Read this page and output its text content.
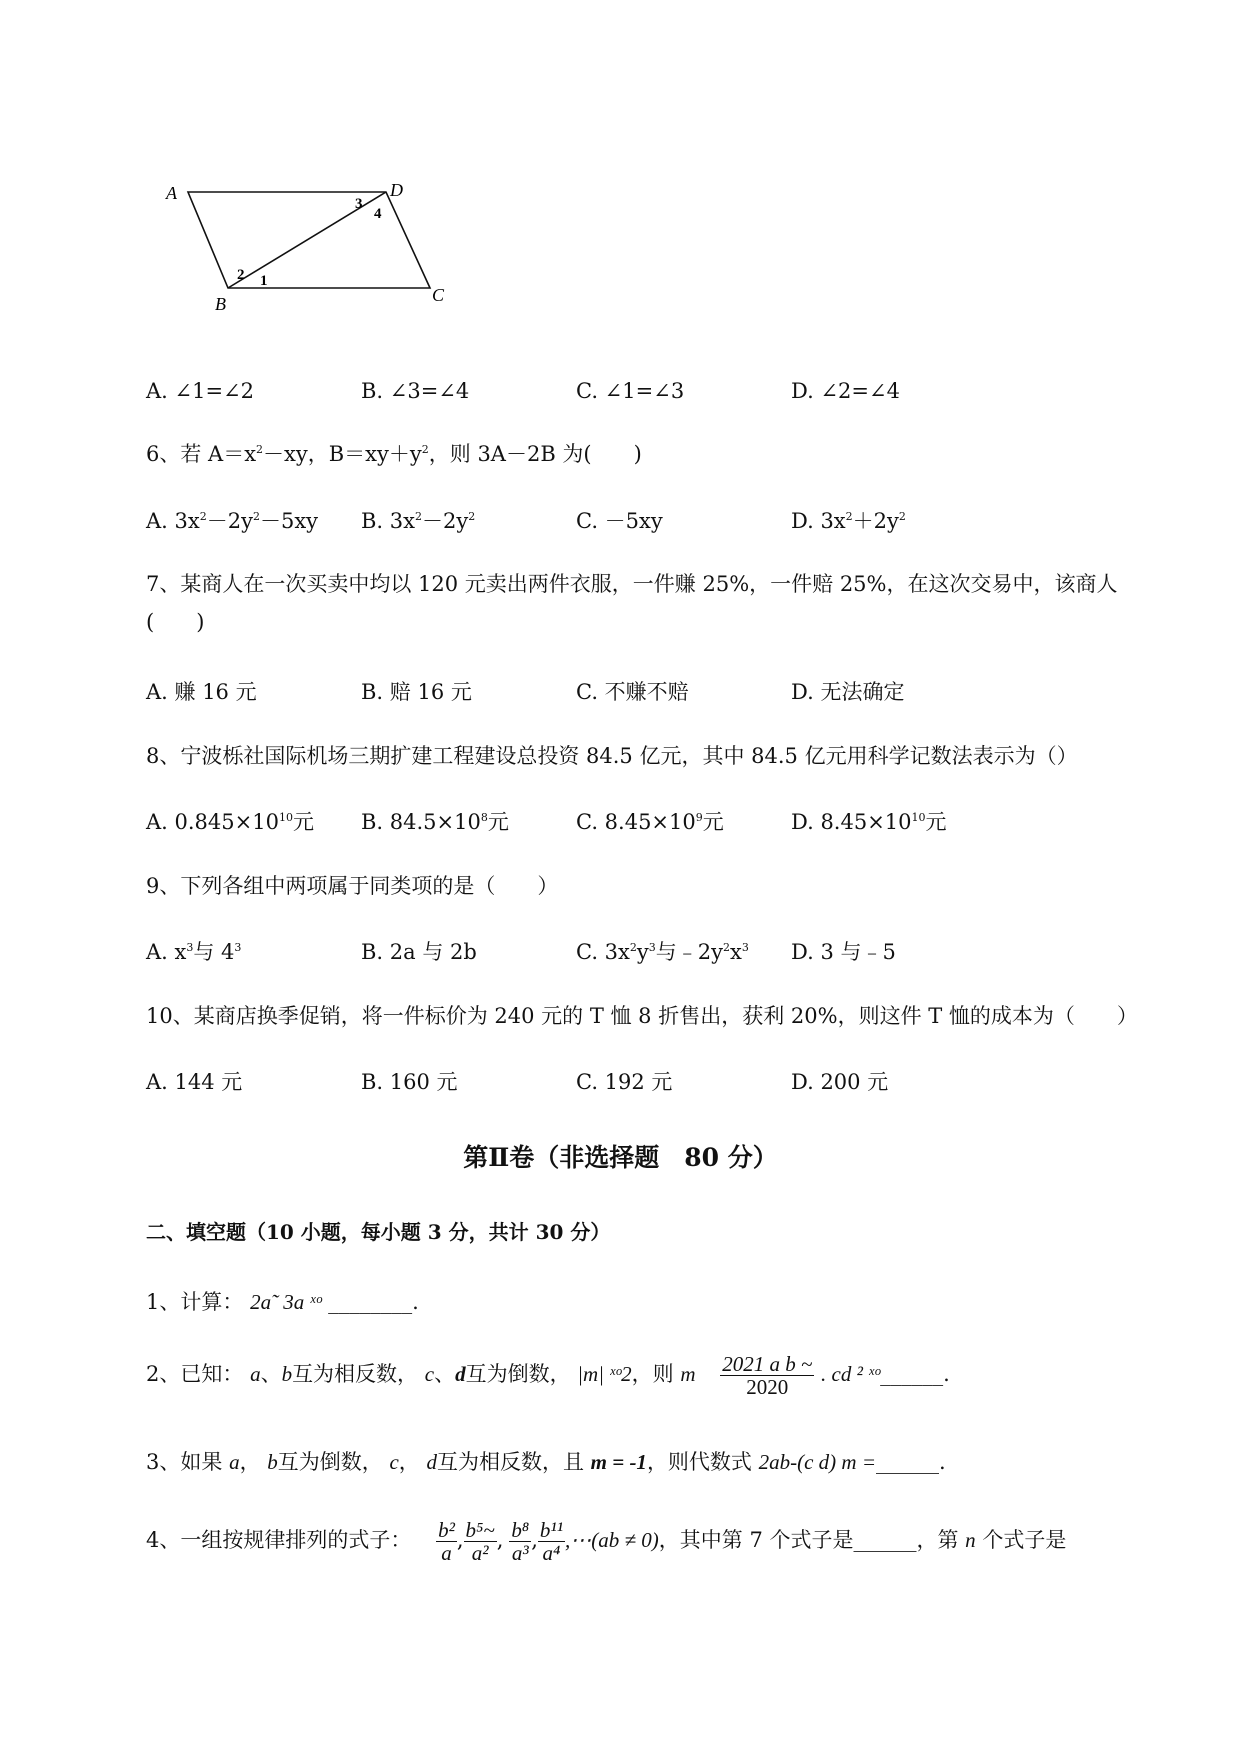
A	D
B	C
1
2
3
4
A. ∠1=∠2	B. ∠3=∠4	C. ∠1=∠3	D. ∠2=∠4
6、若 $A=x^2-xy$，$B=xy+y^2$，则 3A－2B 为(　　)
A. $3x^2-2y^2-5xy$ B. $3x^2-2y^2$	C. －5xy	D. $3x^2+2y^2$
7、某商人在一次买卖中均以 120 元卖出两件衣服，一件赚 25%，一件赔 25%，在这次交易中，该商人
(　　)
A. 赚 16 元	B. 赔 16 元	C. 不赚不赔	D. 无法确定
8、宁波栎社国际机场三期扩建工程建设总投资 84.5 亿元，其中 84.5 亿元用科学记数法表示为（）
A. $0.845\times 10^{10}$元 B. $84.5\times 10^8$元	C. $8.45\times 10^9$元	D. $8.45\times 10^{10}$元
9、下列各组中两项属于同类项的是（　　）
A. $x^3$与 $4^3$	B. 2a 与 2b	C. $3x^2y^3$与$﹣2y^2x^3$ D. 3 与﹣5
10、某商店换季促销，将一件标价为 240 元的 T 恤 8 折售出，获利 20%，则这件 T 恤的成本为（　　）
A. 144 元	B. 160 元	C. 192 元	D. 200 元
第Ⅱ卷（非选择题　80 分）
二、填空题（10 小题，每小题 3 分，共计 30 分）
1、计算： 2a˜ 3a ˣᵒ ________.
2、已知： a、b互为相反数， c、d互为倒数， |m| ˣᵒ2，则 m $\frac{\text{2021 a b \textasciitilde{}}}{2020}$ . cd ² ˣᵒ______.
3、如果 a， b互为倒数， c， d互为相反数，且 m = -1，则代数式 2ab-(c d) m =______.
4、一组按规律排列的式子： $\frac{\text{b²}}{a}$ , $\frac{\text{b⁵\textasciitilde{}}}{\text{a²}}$ , $\frac{\text{b⁸}}{\text{a³}}$ , $\frac{\text{b¹¹}}{\text{a⁴}}$ ,⋯(ab ≠ 0)，其中第 7 个式子是______，第 n 个式子是
